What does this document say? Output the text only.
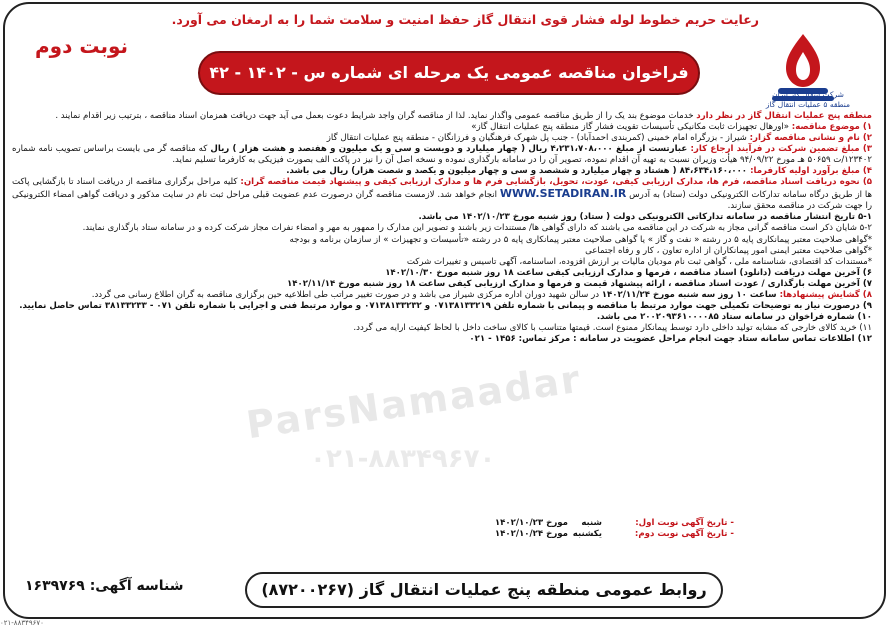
رعایت حریم خطوط لوله فشار قوی انتقال گاز حفظ امنیت و سلامت شما را به ارمغان می آورد.
شرکت انتقال گاز ایران
منطقه ۵ عملیات انتقال گاز
نوبت دوم
فراخوان مناقصه عمومی یک مرحله ای شماره س - ۱۴۰۲ - ۴۲
ParsNamaadar
۰۲۱-۸۸۳۴۹۶۷۰

منطقه پنج عملیات انتقال گاز در نظر دارد خدمات موضوع بند یک را از طریق مناقصه عمومی واگذار نماید. لذا از مناقصه گران واجد شرایط دعوت بعمل می آید جهت دریافت همزمان اسناد مناقصه ، بترتیب زیر اقدام نمایند .

۱) موضوع مناقصه: «اورهال تجهیزات ثابت مکانیکی تأسیسات تقویت فشار گاز منطقه پنج عملیات انتقال گاز»

۲) نام و نشانی مناقصه گزار: شیراز - بزرگراه امام خمینی (کمربندی احمدآباد) - جنب پل شهرک فرهنگیان و فرزانگان - منطقه پنج عملیات انتقال گاز

۳) مبلغ تضمین شرکت در فرآیند ارجاع کار: عبارتست از مبلغ ۴،۲۳۱،۷۰۸،۰۰۰ ریال ( چهار میلیارد و دویست و سی و یک میلیون و هفتصد و هشت هزار ) ریال که مناقصه گر می بایست براساس تصویب نامه شماره ۱۲۳۴۰۲/ت ۵۰۶۵۹ هـ مورخ ۹۴/۰۹/۲۲ هیأت وزیران نسبت به تهیه آن اقدام نموده، تصویر آن را در سامانه بارگذاری نموده و نسخه اصل آن را نیز در پاکت الف بصورت فیزیکی به کارفرما تسلیم نماید.

۴) مبلغ برآورد اولیه کارفرما: ۸۴،۶۳۴،۱۶۰،۰۰۰ ( هشتاد و چهار میلیارد و ششصد و سی و چهار میلیون و یکصد و شصت هزار) ریال می باشد.

۵) نحوه دریافت اسناد مناقصه، فرم ها، مدارک ارزیابی کیفی، عودت، تحویل، بازگشایی فرم ها و مدارک ارزیابی کیفی و پیشنهاد قیمت مناقصه گران: کلیه مراحل برگزاری مناقصه از دریافت اسناد تا بازگشایی پاکت ها از طریق درگاه سامانه تدارکات الکترونیکی دولت (ستاد) به آدرس WWW.SETADIRAN.IR انجام خواهد شد. لازمست مناقصه گران درصورت عدم عضویت قبلی مراحل ثبت نام در سایت مذکور و دریافت گواهی امضاء الکترونیکی را جهت شرکت در مناقصه محقق سازند.

۵-۱ تاریخ انتشار مناقصه در سامانه تدارکاتی الکترونیکی دولت ( ستاد) روز شنبه مورخ ۱۴۰۲/۱۰/۲۳ می باشد.

۵-۲ شایان ذکر است مناقصه گرانی مجاز به شرکت در این مناقصه می باشند که دارای گواهی ها/ مستندات زیر باشند و تصویر این مدارک را ممهور به مهر و امضاء نفرات مجاز شرکت کرده و در سامانه ستاد بارگذاری نمایند.

*گواهی صلاحیت معتبر پیمانکاری پایه ۵ در رشته « نفت و گاز » یا گواهی صلاحیت معتبر پیمانکاری پایه ۵ در رشته «تأسیسات و تجهیزات » از سازمان برنامه و بودجه

*گواهی صلاحیت معتبر ایمنی امور پیمانکاران از اداره تعاون ، کار و رفاه اجتماعی

*مستندات کد اقتصادی، شناسنامه ملی ، گواهی ثبت نام مودیان مالیات بر ارزش افزوده، اساسنامه، آگهی تاسیس و تغییرات شرکت

۶) آخرین مهلت دریافت (دانلود) اسناد مناقصه ، فرمها و مدارک ارزیابی کیفی ساعت ۱۸ روز شنبه مورخ ۱۴۰۲/۱۰/۳۰

۷) آخرین مهلت بارگذاری / عودت اسناد مناقصه ، ارائه پیشنهاد قیمت و فرمها و مدارک ارزیابی کیفی ساعت ۱۸ روز شنبه مورخ ۱۴۰۲/۱۱/۱۴

۸) گشایش پیشنهادها: ساعت ۱۰ روز سه شنبه مورخ ۱۴۰۲/۱۱/۲۴ در سالن شهید دوران اداره مرکزی شیراز می باشد و در صورت تغییر مراتب طی اطلاعیه حین برگزاری مناقصه به گران اطلاع رسانی می گردد.

۹) درصورت نیاز به توضیحات تکمیلی جهت موارد مرتبط با مناقصه و پیمانی با شماره تلفن ۰۷۱۳۸۱۳۳۲۱۹ و ۰۷۱۳۸۱۳۳۲۳۲ و موارد مرتبط فنی و اجرایی با شماره تلفن ۰۷۱ - ۳۸۱۳۳۲۳۳ تماس حاصل نمایید.

۱۰) شماره فراخوان در سامانه ستاد ۲۰۰۲۰۹۳۶۱۰۰۰۰۸۵ می باشد.

۱۱) خرید کالای خارجی که مشابه تولید داخلی دارد توسط پیمانکار ممنوع است. قیمتها متناسب با کالای ساخت داخل با لحاظ کیفیت ارایه می گردد.

۱۲) اطلاعات تماس سامانه ستاد جهت انجام مراحل عضویت در سامانه : مرکز تماس: ۱۴۵۶ - ۰۲۱

- تاریخ آگهی نوبت اول:شنبهمورخ ۱۴۰۲/۱۰/۲۳
- تاریخ آگهی نوبت دوم:یکشنبهمورخ ۱۴۰۲/۱۰/۲۴
روابط عمومی منطقه پنج عملیات انتقال گاز (۸۷۲۰۰۲۶۷)
شناسه آگهی: ۱۶۳۹۷۶۹
۰۲۱-۸۸۳۴۹۶۷۰
